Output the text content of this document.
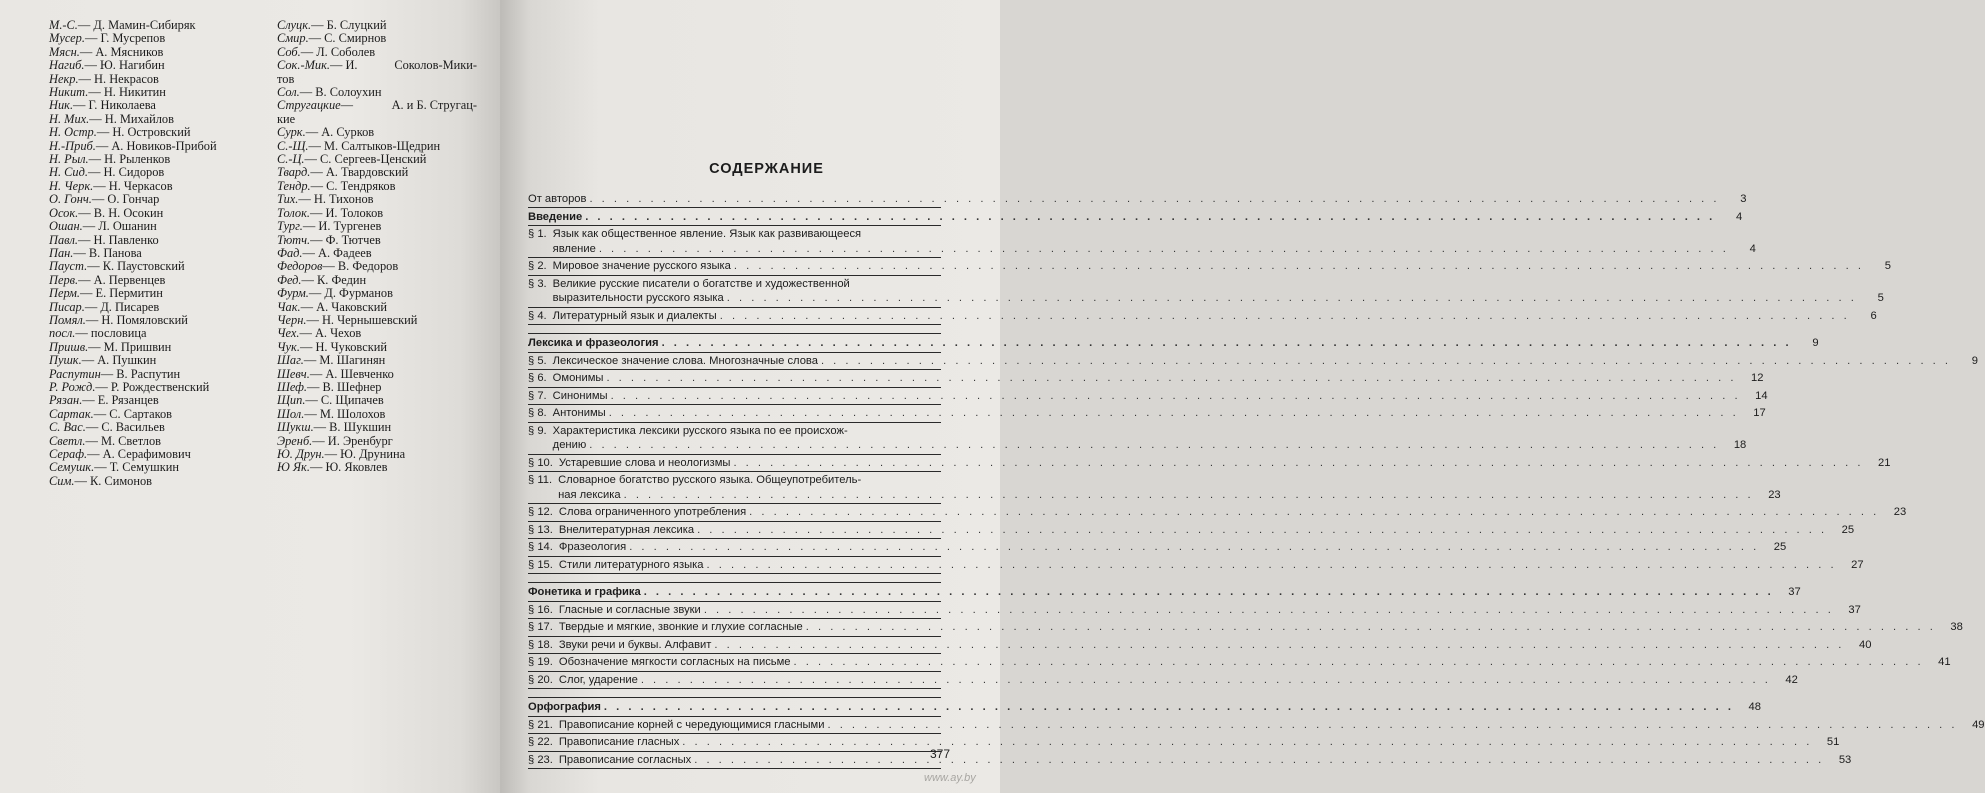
М.-С.— Д. Мамин-Сибиряк
Мусер.— Г. Мусрепов
Мясн.— А. Мясников
Нагиб.— Ю. Нагибин
Некр.— Н. Некрасов
Никит.— Н. Никитин
Ник.— Г. Николаева
Н. Мих.— Н. Михайлов
Н. Остр.— Н. Островский
Н.-Приб.— А. Новиков-Прибой
Н. Рыл.— Н. Рыленков
Н. Сид.— Н. Сидоров
Н. Черк.— Н. Черкасов
О. Гонч.— О. Гончар
Осок.— В. Н. Осокин
Ошан.— Л. Ошанин
Павл.— Н. Павленко
Пан.— В. Панова
Пауст.— К. Паустовский
Перв.— А. Первенцев
Перм.— Е. Пермитин
Писар.— Д. Писарев
Помял.— Н. Помяловский
посл.— пословица
Пришв.— М. Пришвин
Пушк.— А. Пушкин
Распутин— В. Распутин
Р. Рожд.— Р. Рождественский
Рязан.— Е. Рязанцев
Сартак.— С. Сартаков
С. Вас.— С. Васильев
Светл.— М. Светлов
Сераф.— А. Серафимович
Семушк.— Т. Семушкин
Сим.— К. Симонов
Слуцк.— Б. Слуцкий
Смир.— С. Смирнов
Соб.— Л. Соболев
Сок.-Мик.— И.	Соколов-Мики-
тов
Сол.— В. Солоухин
Стругацкие—	А. и Б. Стругац-
кие
Сурк.— А. Сурков
С.-Щ.— М. Салтыков-Щедрин
С.-Ц.— С. Сергеев-Ценский
Твард.— А. Твардовский
Тендр.— С. Тендряков
Тих.— Н. Тихонов
Толок.— И. Толоков
Тург.— И. Тургенев
Тютч.— Ф. Тютчев
Фад.— А. Фадеев
Федоров— В. Федоров
Фед.— К. Федин
Фурм.— Д. Фурманов
Чак.— А. Чаковский
Черн.— Н. Чернышевский
Чех.— А. Чехов
Чук.— Н. Чуковский
Шаг.— М. Шагинян
Шевч.— А. Шевченко
Шеф.— В. Шефнер
Щип.— С. Щипачев
Шол.— М. Шолохов
Шукш.— В. Шукшин
Эренб.— И. Эренбург
Ю. Друн.— Ю. Друнина
Ю Як.— Ю. Яковлев
СОДЕРЖАНИЕ
От авторов . . .	3
Введение . . .	4
§ 1. Язык как общественное явление. Язык как развивающееся
явление . . .	4
§ 2. Мировое значение русского языка . . .	5
§ 3. Великие русские писатели о богатстве и художественной
выразительности русского языка . . .	5
§ 4. Литературный язык и диалекты . . .	6
Лексика и фразеология . . .	9
§ 5. Лексическое значение слова. Многозначные слова . . .	9
§ 6. Омонимы . . .	12
§ 7. Синонимы . . .	14
§ 8. Антонимы . . .	17
§ 9. Характеристика лексики русского языка по ее происхож-
дению . . .	18
§ 10. Устаревшие слова и неологизмы . . .	21
§ 11. Словарное богатство русского языка. Общеупотребитель-
ная лексика . . .	23
§ 12. Слова ограниченного употребления . . .	23
§ 13. Внелитературная лексика . . .	25
§ 14. Фразеология . . .	25
§ 15. Стили литературного языка . . .	27
Фонетика и графика . . .	37
§ 16. Гласные и согласные звуки . . .	37
§ 17. Твердые и мягкие, звонкие и глухие согласные . . .	38
§ 18. Звуки речи и буквы. Алфавит . . .	40
§ 19. Обозначение мягкости согласных на письме . . .	41
§ 20. Слог, ударение . . .	42
Орфография . . .	48
§ 21. Правописание корней с чередующимися гласными . . .	49
§ 22. Правописание гласных . . .	51
§ 23. Правописание согласных . . .	53
377
www.ay.by
